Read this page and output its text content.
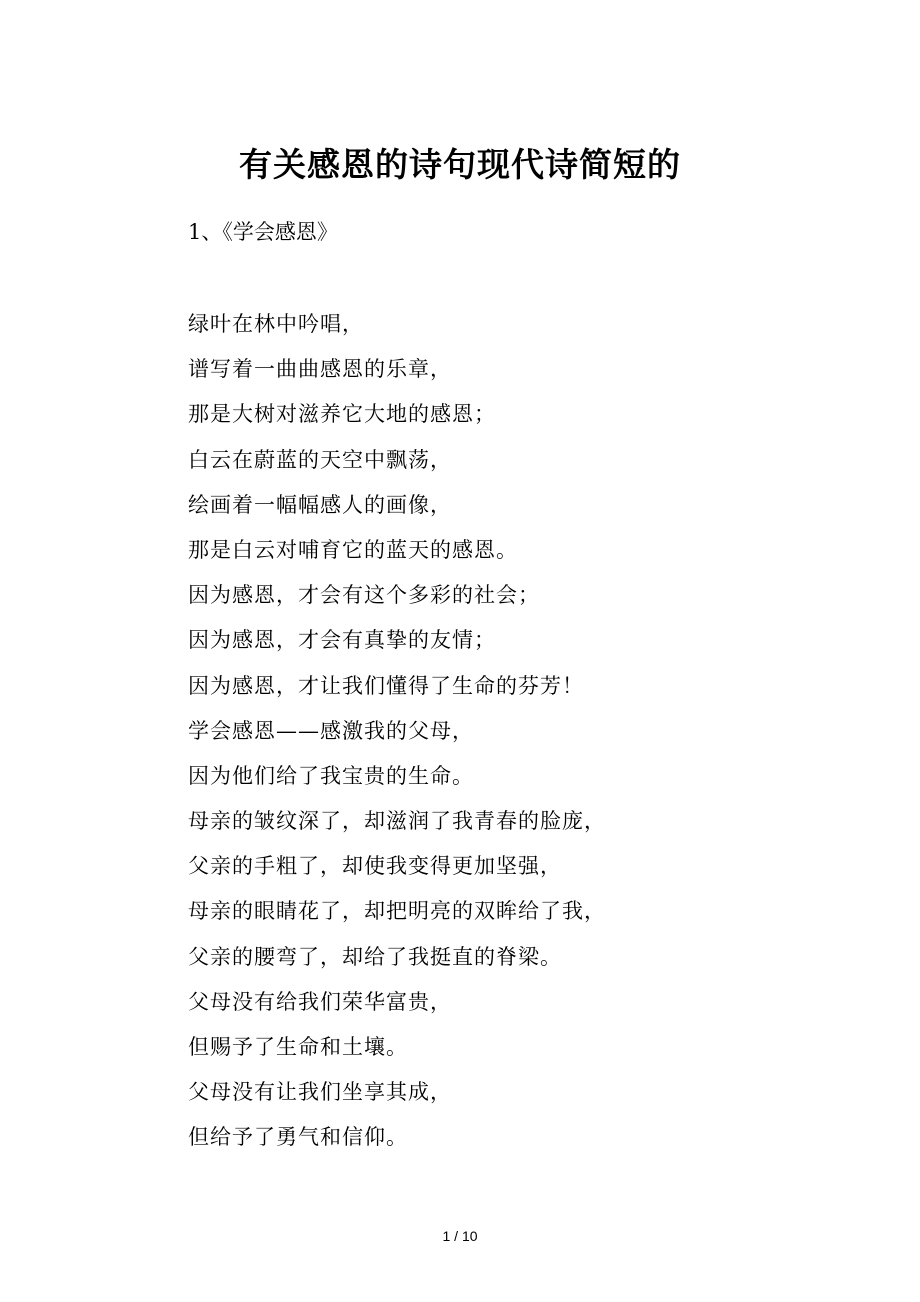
有关感恩的诗句现代诗简短的

1、《学会感恩》

绿叶在林中吟唱，
谱写着一曲曲感恩的乐章，
那是大树对滋养它大地的感恩；
白云在蔚蓝的天空中飘荡，
绘画着一幅幅感人的画像，
那是白云对哺育它的蓝天的感恩。
因为感恩，才会有这个多彩的社会；
因为感恩，才会有真挚的友情；
因为感恩，才让我们懂得了生命的芬芳！
学会感恩——感激我的父母，
因为他们给了我宝贵的生命。
母亲的皱纹深了，却滋润了我青春的脸庞，
父亲的手粗了，却使我变得更加坚强，
母亲的眼睛花了，却把明亮的双眸给了我，
父亲的腰弯了，却给了我挺直的脊梁。
父母没有给我们荣华富贵，
但赐予了生命和土壤。
父母没有让我们坐享其成，
但给予了勇气和信仰。
1 / 10
